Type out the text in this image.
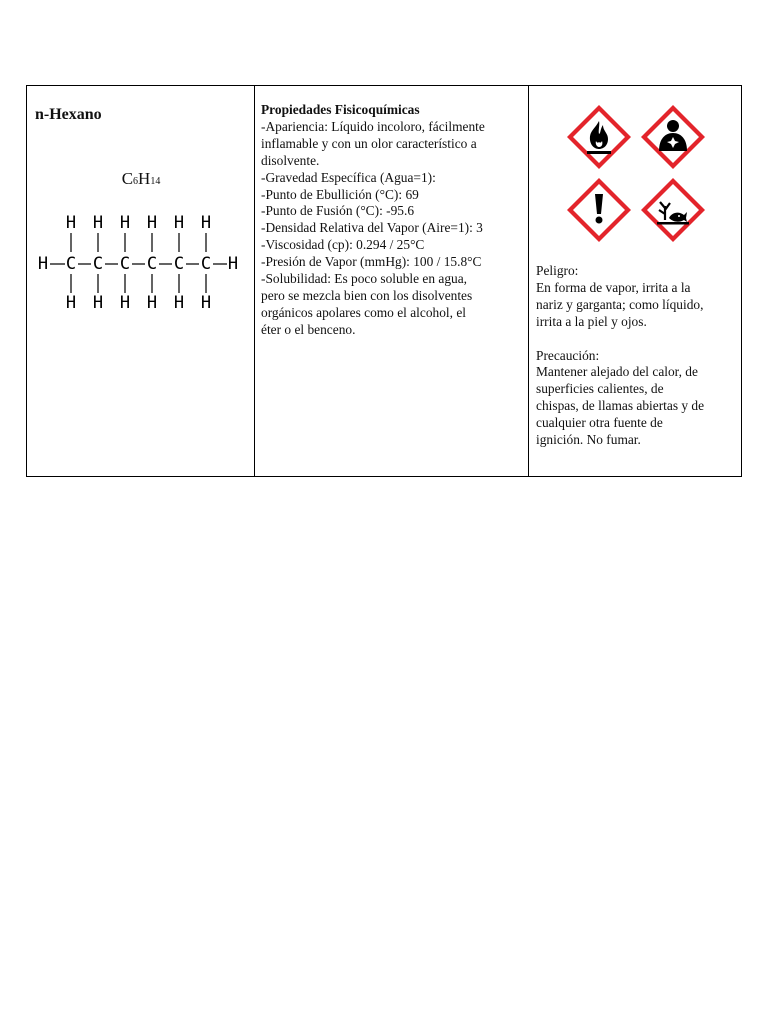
n-Hexano
C6H14
H	H
C
H
H
C
H
H
C
H
H
C
H
H
C
H
H
C
H
H
Propiedades Fisicoquímicas
-Apariencia: Líquido incoloro, fácilmente
inflamable y con un olor característico a
disolvente.
-Gravedad Específica (Agua=1):
-Punto de Ebullición (°C): 69
-Punto de Fusión (°C): -95.6
-Densidad Relativa del Vapor (Aire=1): 3
-Viscosidad (cp): 0.294 / 25°C
-Presión de Vapor (mmHg): 100 / 15.8°C
-Solubilidad: Es poco soluble en agua,
pero se mezcla bien con los disolventes
orgánicos apolares como el alcohol, el
éter o el benceno.
Peligro:
En forma de vapor, irrita a la
nariz y garganta; como líquido,
irrita a la piel y ojos.
Precaución:
Mantener alejado del calor, de
superficies calientes, de
chispas, de llamas abiertas y de
cualquier otra fuente de
ignición. No fumar.
